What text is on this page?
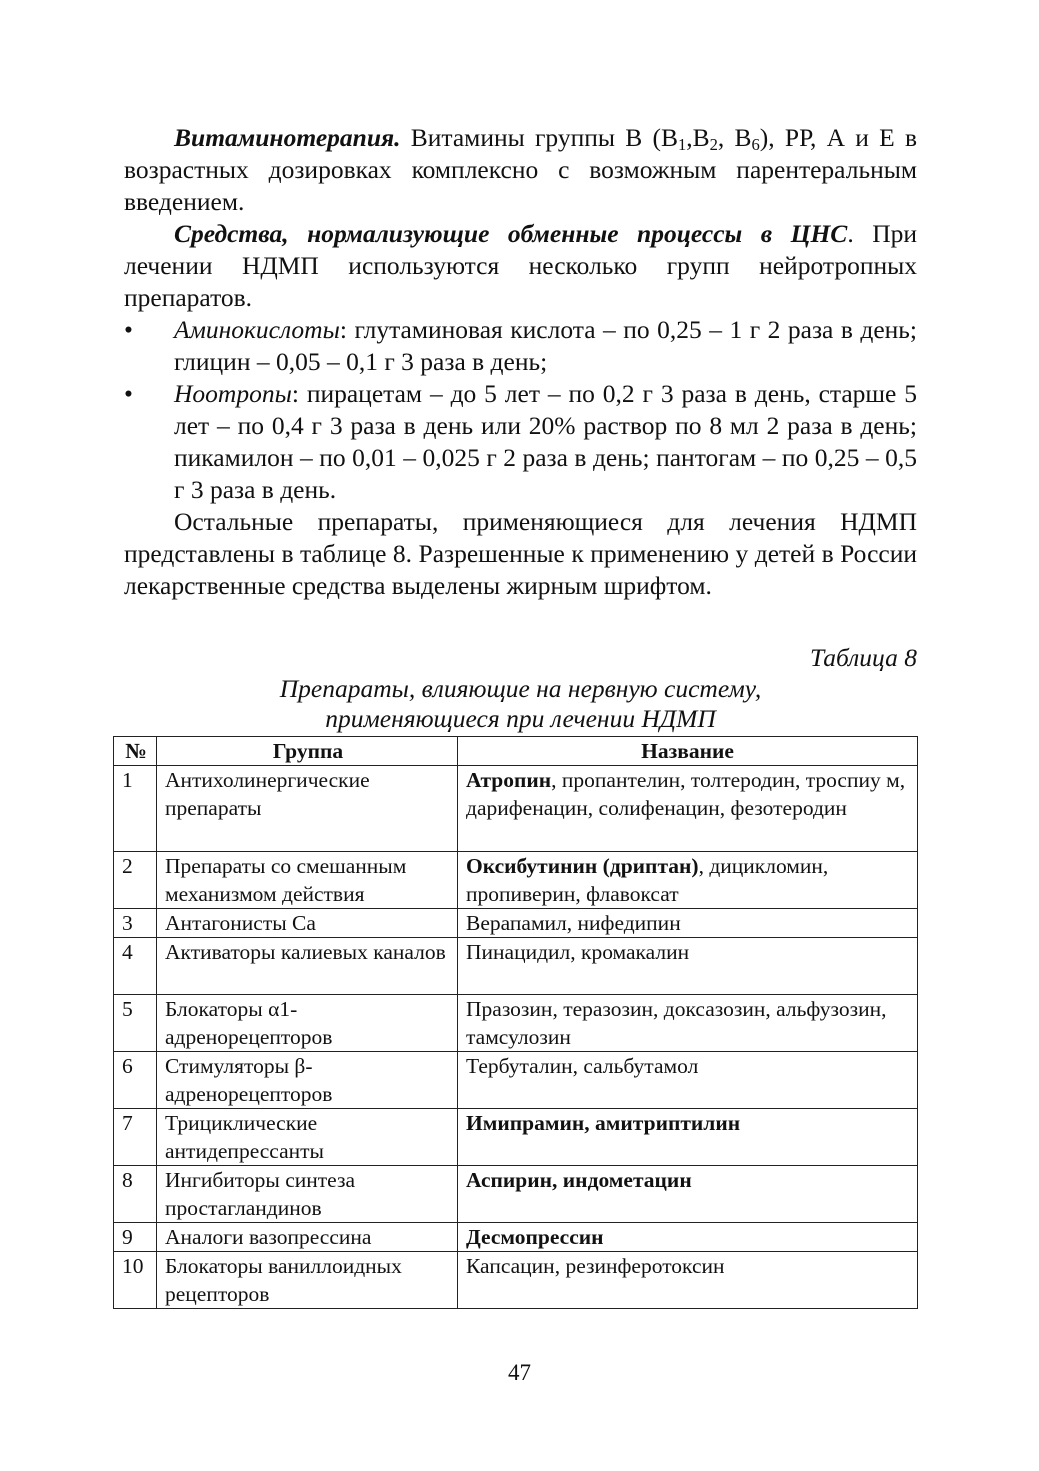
Витаминотерапия. Витамины группы В ($В_1,В_2$, $В_6$), РР, А и Е в возрастных дозировках комплексно с возможным парентеральным введением.

Средства, нормализующие обменные процессы в ЦНС. При лечении НДМП используются несколько групп нейротропных препаратов.

• Аминокислоты: глутаминовая кислота – по 0,25 – 1 г 2 раза в день; глицин – 0,05 – 0,1 г 3 раза в день;
• Ноотропы: пирацетам – до 5 лет – по 0,2 г 3 раза в день, старше 5 лет – по 0,4 г 3 раза в день или 20% раствор по 8 мл 2 раза в день; пикамилон – по 0,01 – 0,025 г 2 раза в день; пантогам – по 0,25 – 0,5 г 3 раза в день.

Остальные препараты, применяющиеся для лечения НДМП представлены в таблице 8. Разрешенные к применению у детей в России лекарственные средства выделены жирным шрифтом.

Таблица 8
Препараты, влияющие на нервную систему,
применяющиеся при лечении НДМП
№	Группа	Название
1	Антихолинергические препараты	Атропин, пропантелин, толтеродин, троспиу м, дарифенацин, солифенацин, фезотеродин
2	Препараты со смешанным механизмом действия	Оксибутинин (дриптан), дицикломин, пропиверин, флавоксат
3	Антагонисты Са	Верапамил, нифедипин
4	Активаторы калиевых каналов	Пинацидил, кромакалин
5	Блокаторы α1-адренорецепторов	Празозин, теразозин, доксазозин, альфузозин, тамсулозин
6	Стимуляторы β-адренорецепторов	Тербуталин, сальбутамол
7	Трициклические антидепрессанты	Имипрамин, амитриптилин
8	Ингибиторы синтеза простагландинов	Аспирин, индометацин
9	Аналоги вазопрессина	Десмопрессин
10	Блокаторы ваниллоидных рецепторов	Капсацин, резинферотоксин
47
